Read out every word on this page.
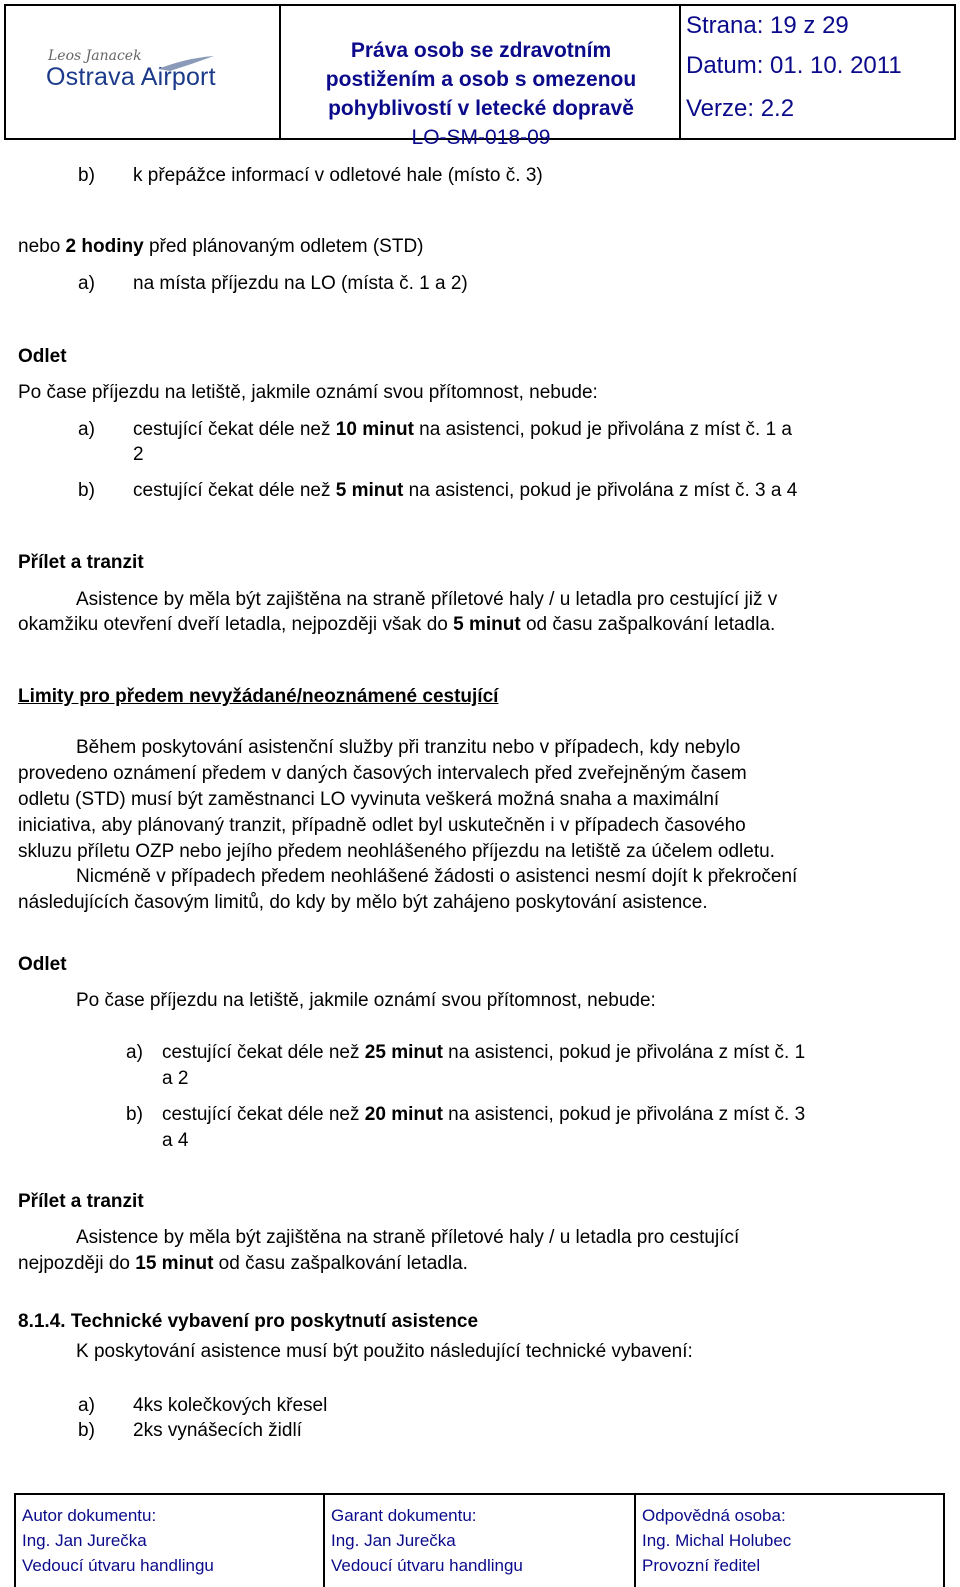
Leos Janacek
Ostrava Airport
Práva osob se zdravotním
postižením a osob s omezenou
pohyblivostí v letecké dopravě
LO-SM-018-09
Strana: 19 z 29
Datum: 01. 10. 2011
Verze: 2.2
b) k přepážce informací v odletové hale (místo č. 3)
nebo 2 hodiny před plánovaným odletem (STD)
a) na místa příjezdu na LO (místa č. 1 a 2)
Odlet
Po čase příjezdu na letiště, jakmile oznámí svou přítomnost, nebude:
a) cestující čekat déle než 10 minut na asistenci, pokud je přivolána z míst č. 1 a
2
b) cestující čekat déle než 5 minut na asistenci, pokud je přivolána z míst č. 3 a 4
Přílet a tranzit
Asistence by měla být zajištěna na straně příletové haly / u letadla pro cestující již v
okamžiku otevření dveří letadla, nejpozději však do 5 minut od času zašpalkování letadla.
Limity pro předem nevyžádané/neoznámené cestující
Během poskytování asistenční služby při tranzitu nebo v případech, kdy nebylo
provedeno oznámení předem v daných časových intervalech před zveřejněným časem
odletu (STD) musí být zaměstnanci LO vyvinuta veškerá možná snaha a maximální
iniciativa, aby plánovaný tranzit, případně odlet byl uskutečněn i v případech časového
skluzu příletu OZP nebo jejího předem neohlášeného příjezdu na letiště za účelem odletu.
Nicméně v případech předem neohlášené žádosti o asistenci nesmí dojít k překročení
následujících časovým limitů, do kdy by mělo být zahájeno poskytování asistence.
Odlet
Po čase příjezdu na letiště, jakmile oznámí svou přítomnost, nebude:
a) cestující čekat déle než 25 minut na asistenci, pokud je přivolána z míst č. 1
a 2
b) cestující čekat déle než 20 minut na asistenci, pokud je přivolána z míst č. 3
a 4
Přílet a tranzit
Asistence by měla být zajištěna na straně příletové haly / u letadla pro cestující
nejpozději do 15 minut od času zašpalkování letadla.
8.1.4. Technické vybavení pro poskytnutí asistence
K poskytování asistence musí být použito následující technické vybavení:
a) 4ks kolečkových křesel
b) 2ks vynášecích židlí
Autor dokumentu:
Ing. Jan Jurečka
Vedoucí útvaru handlingu
Garant dokumentu:
Ing. Jan Jurečka
Vedoucí útvaru handlingu
Odpovědná osoba:
Ing. Michal Holubec
Provozní ředitel
